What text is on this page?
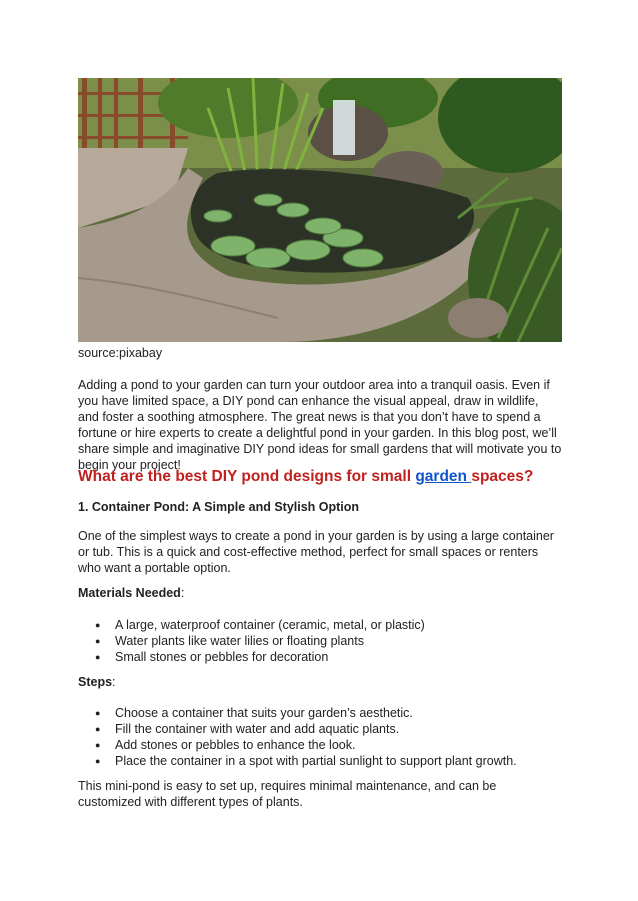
source:pixabay

Adding a pond to your garden can turn your outdoor area into a tranquil oasis. Even if you have limited space, a DIY pond can enhance the visual appeal, draw in wildlife, and foster a soothing atmosphere. The great news is that you don’t have to spend a fortune or hire experts to create a delightful pond in your garden. In this blog post, we’ll share simple and imaginative DIY pond ideas for small gardens that will motivate you to begin your project!

What are the best DIY pond designs for small garden spaces?
1. Container Pond: A Simple and Stylish Option

One of the simplest ways to create a pond in your garden is by using a large container or tub. This is a quick and cost-effective method, perfect for small spaces or renters who want a portable option.

Materials Needed:
● A large, waterproof container (ceramic, metal, or plastic)
● Water plants like water lilies or floating plants
● Small stones or pebbles for decoration
Steps:
● Choose a container that suits your garden’s aesthetic.
● Fill the container with water and add aquatic plants.
● Add stones or pebbles to enhance the look.
● Place the container in a spot with partial sunlight to support plant growth.

This mini-pond is easy to set up, requires minimal maintenance, and can be customized with different types of plants.
